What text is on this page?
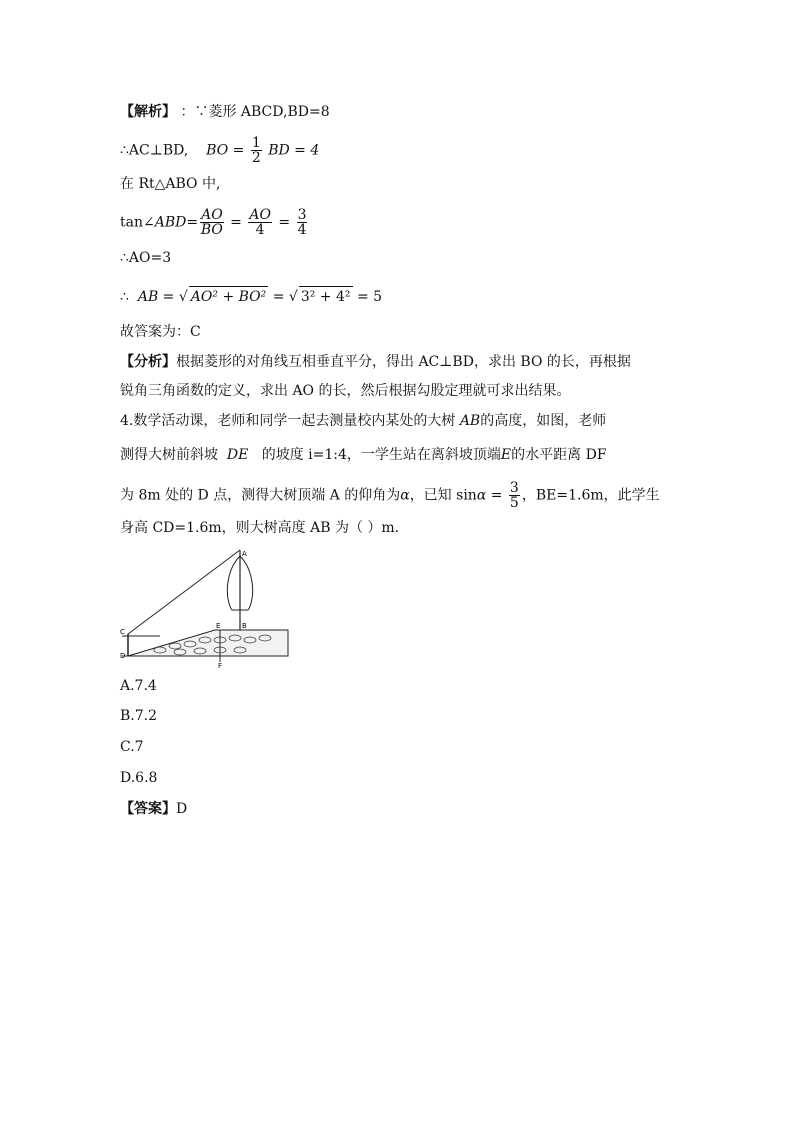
【解析】 ：∵菱形 ABCD,BD=8
∴AC⊥BD, BO = $\frac{1}{2}$ BD = 4
在 Rt△ABO 中,
tan∠ABD= $\frac{AO}{BO} = \frac{AO}{4} = \frac{3}{4}$
∴AO=3
∴ AB = √ AO² + BO² = √ 3² + 4² = 5
故答案为：C
【分析】根据菱形的对角线互相垂直平分，得出 AC⊥BD，求出 BO 的长，再根据
锐角三角函数的定义，求出 AO 的长，然后根据勾股定理就可求出结果。
4.数学活动课，老师和同学一起去测量校内某处的大树 AB的高度，如图，老师
测得大树前斜坡 DE 的坡度 i=1:4，一学生站在离斜坡顶端E的水平距离 DF
为 8m 处的 D 点，测得大树顶端 A 的仰角为α，已知 $\sin\alpha = \frac{3}{5}$ ，BE=1.6m，此学生
身高 CD=1.6m，则大树高度 AB 为（ ）m.
A
C
D
E	B
F
A.7.4
B.7.2
C.7
D.6.8
【答案】D
